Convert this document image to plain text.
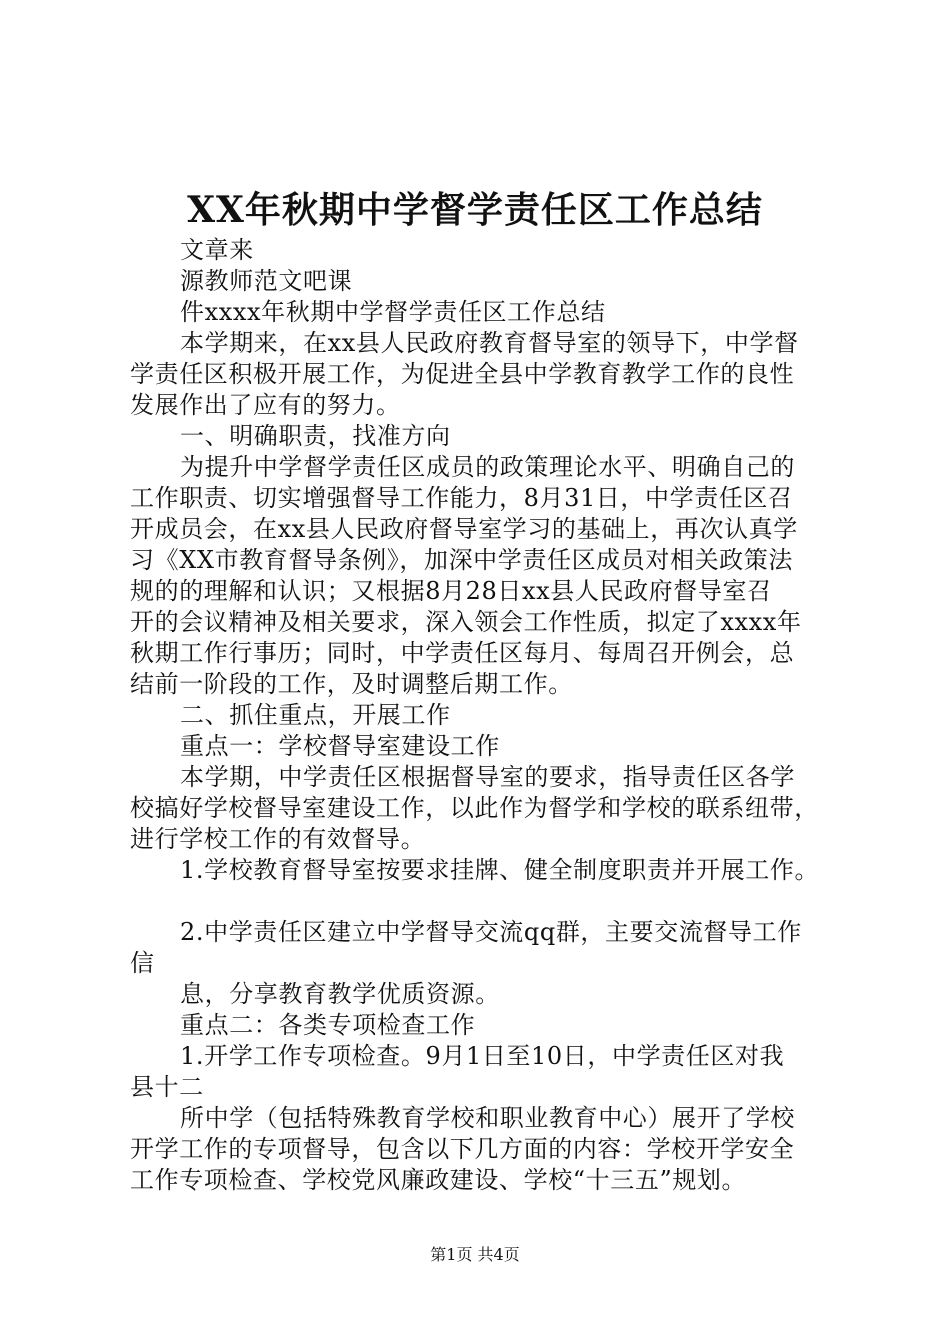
XX年秋期中学督学责任区工作总结
文章来
源教师范文吧课
件xxxx年秋期中学督学责任区工作总结
本学期来，在xx县人民政府教育督导室的领导下，中学督
学责任区积极开展工作，为促进全县中学教育教学工作的良性
发展作出了应有的努力。
一、明确职责，找准方向
为提升中学督学责任区成员的政策理论水平、明确自己的
工作职责、切实增强督导工作能力，8月31日，中学责任区召
开成员会，在xx县人民政府督导室学习的基础上，再次认真学
习《XX市教育督导条例》，加深中学责任区成员对相关政策法
规的的理解和认识；又根据8月28日xx县人民政府督导室召
开的会议精神及相关要求，深入领会工作性质，拟定了xxxx年
秋期工作行事历；同时，中学责任区每月、每周召开例会，总
结前一阶段的工作，及时调整后期工作。
二、抓住重点，开展工作
重点一：学校督导室建设工作
本学期，中学责任区根据督导室的要求，指导责任区各学
校搞好学校督导室建设工作，以此作为督学和学校的联系纽带，
进行学校工作的有效督导。
1.学校教育督导室按要求挂牌、健全制度职责并开展工作。
2.中学责任区建立中学督导交流qq群，主要交流督导工作
信
息，分享教育教学优质资源。
重点二：各类专项检查工作
1.开学工作专项检查。9月1日至10日，中学责任区对我
县十二
所中学（包括特殊教育学校和职业教育中心）展开了学校
开学工作的专项督导，包含以下几方面的内容：学校开学安全
工作专项检查、学校党风廉政建设、学校“十三五”规划。
第1页 共4页
